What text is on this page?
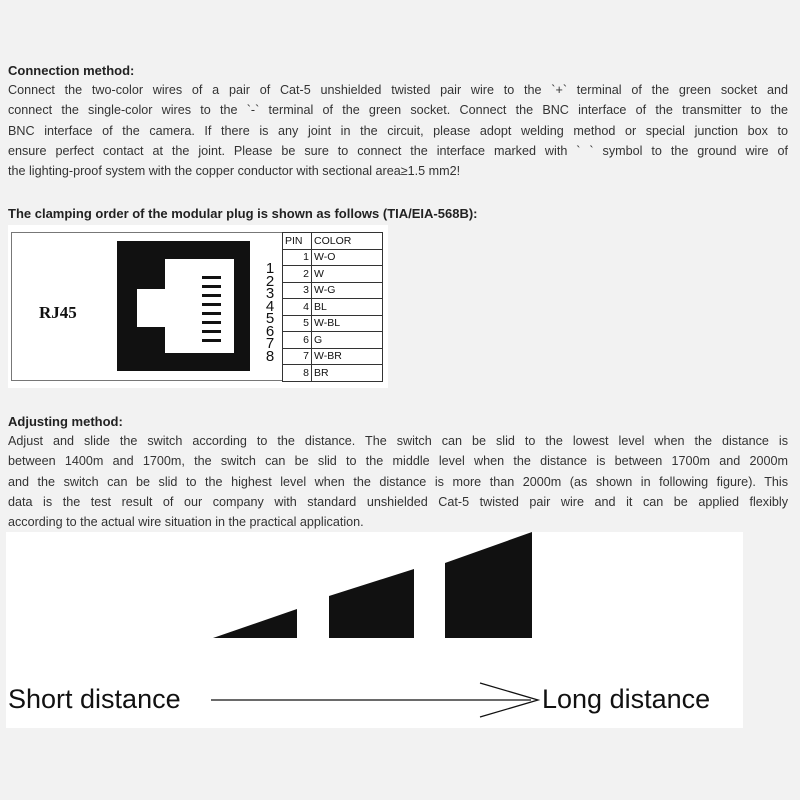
Connection method:
Connect the two-color wires of a pair of Cat-5 unshielded twisted pair wire to the `+` terminal of the green socket and
connect the single-color wires to the `-` terminal of the green socket. Connect the BNC interface of the transmitter to the
BNC interface of the camera. If there is any joint in the circuit, please adopt welding method or special junction box to
ensure perfect contact at the joint. Please be sure to connect the interface marked with ` ` symbol to the ground wire of
the lighting-proof system with the copper conductor with sectional area≥1.5 mm2!
The clamping order of the modular plug is shown as follows (TIA/EIA-568B):
RJ45
1
2
3
4
5
6
7
8
PIN	COLOR
1	W-O
2	W
3	W-G
4	BL
5	W-BL
6	G
7	W-BR
8	BR
Adjusting method:
Adjust and slide the switch according to the distance. The switch can be slid to the lowest level when the distance is
between 1400m and 1700m, the switch can be slid to the middle level when the distance is between 1700m and 2000m
and the switch can be slid to the highest level when the distance is more than 2000m (as shown in following figure). This
data is the test result of our company with standard unshielded Cat-5 twisted pair wire and it can be applied flexibly
according to the actual wire situation in the practical application.
Short distance	Long distance
